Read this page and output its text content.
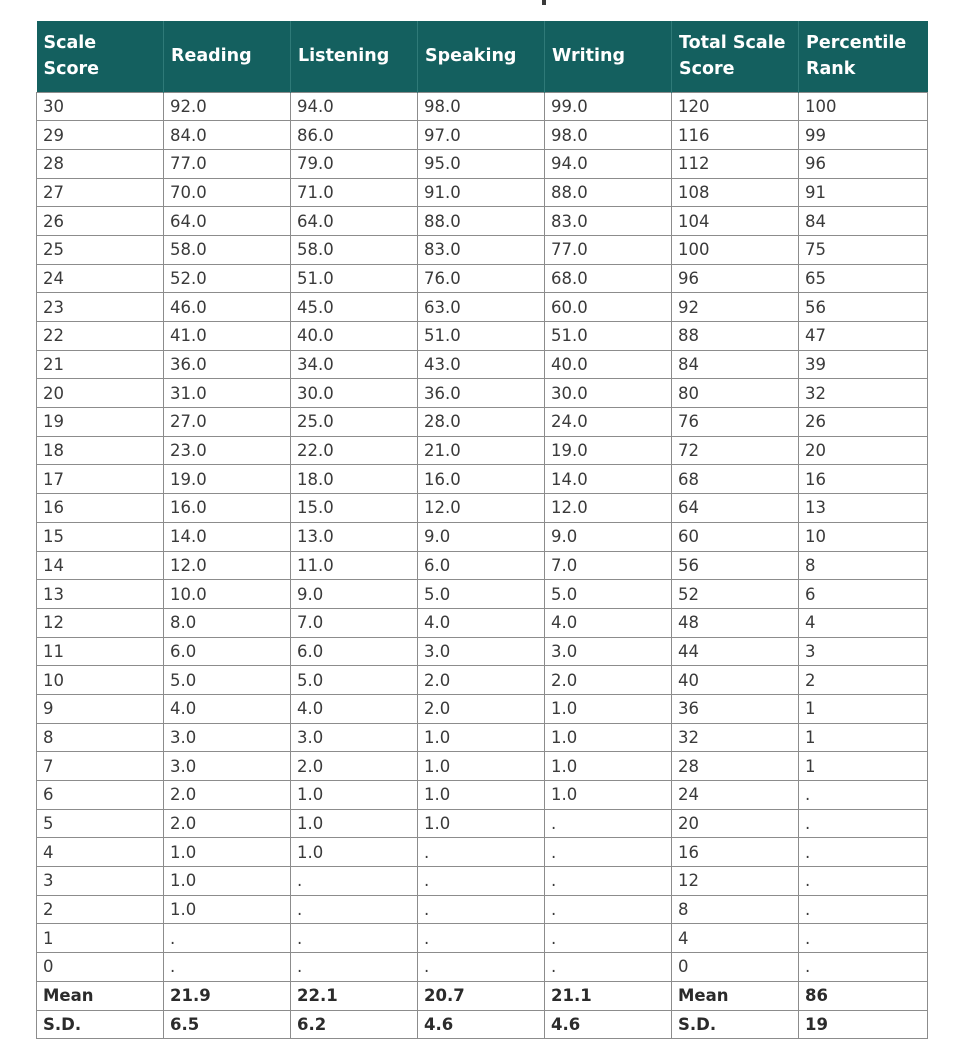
Scale Score	Reading	Listening	Speaking	Writing	Total Scale Score	Percentile Rank
30	92.0	94.0	98.0	99.0	120	100
29	84.0	86.0	97.0	98.0	116	99
28	77.0	79.0	95.0	94.0	112	96
27	70.0	71.0	91.0	88.0	108	91
26	64.0	64.0	88.0	83.0	104	84
25	58.0	58.0	83.0	77.0	100	75
24	52.0	51.0	76.0	68.0	96	65
23	46.0	45.0	63.0	60.0	92	56
22	41.0	40.0	51.0	51.0	88	47
21	36.0	34.0	43.0	40.0	84	39
20	31.0	30.0	36.0	30.0	80	32
19	27.0	25.0	28.0	24.0	76	26
18	23.0	22.0	21.0	19.0	72	20
17	19.0	18.0	16.0	14.0	68	16
16	16.0	15.0	12.0	12.0	64	13
15	14.0	13.0	9.0	9.0	60	10
14	12.0	11.0	6.0	7.0	56	8
13	10.0	9.0	5.0	5.0	52	6
12	8.0	7.0	4.0	4.0	48	4
11	6.0	6.0	3.0	3.0	44	3
10	5.0	5.0	2.0	2.0	40	2
9	4.0	4.0	2.0	1.0	36	1
8	3.0	3.0	1.0	1.0	32	1
7	3.0	2.0	1.0	1.0	28	1
6	2.0	1.0	1.0	1.0	24	.
5	2.0	1.0	1.0	.	20	.
4	1.0	1.0	.	.	16	.
3	1.0	.	.	.	12	.
2	1.0	.	.	.	8	.
1	.	.	.	.	4	.
0	.	.	.	.	0	.
Mean	21.9	22.1	20.7	21.1	Mean	86
S.D.	6.5	6.2	4.6	4.6	S.D.	19
